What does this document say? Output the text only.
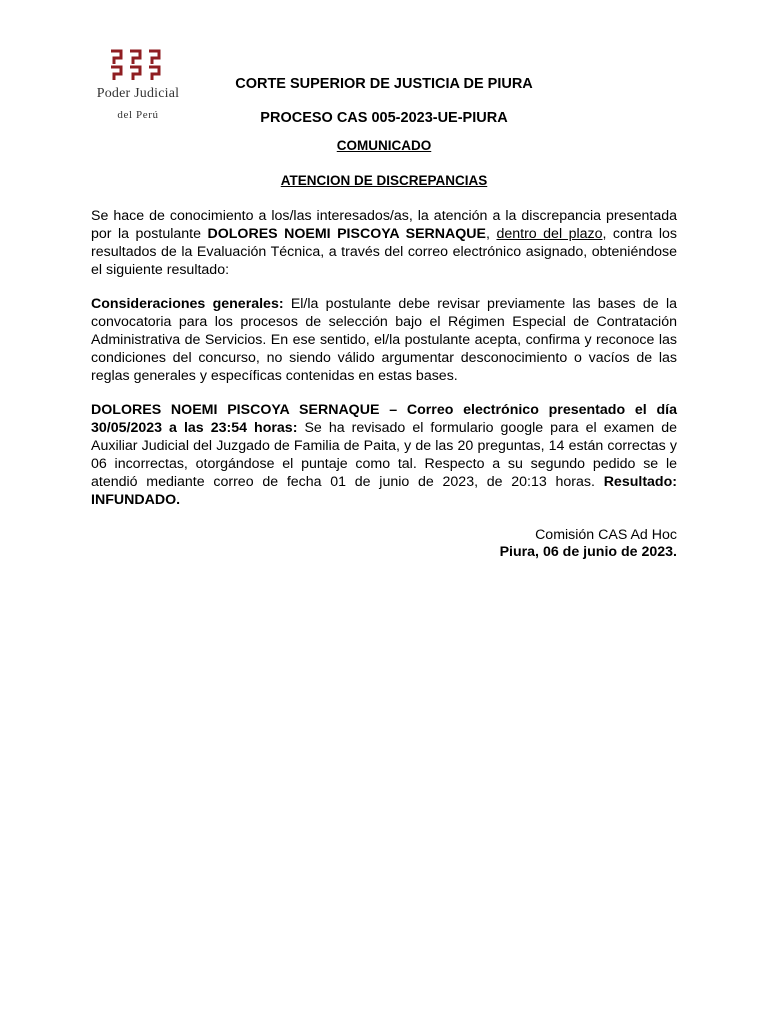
Poder Judicial
del Perú
CORTE SUPERIOR DE JUSTICIA DE PIURA
PROCESO CAS 005-2023-UE-PIURA
COMUNICADO
ATENCION DE DISCREPANCIAS
Se hace de conocimiento a los/las interesados/as, la atención a la discrepancia presentada por la postulante DOLORES NOEMI PISCOYA SERNAQUE, dentro del plazo, contra los resultados de la Evaluación Técnica, a través del correo electrónico asignado, obteniéndose el siguiente resultado:
Consideraciones generales: El/la postulante debe revisar previamente las bases de la convocatoria para los procesos de selección bajo el Régimen Especial de Contratación Administrativa de Servicios. En ese sentido, el/la postulante acepta, confirma y reconoce las condiciones del concurso, no siendo válido argumentar desconocimiento o vacíos de las reglas generales y específicas contenidas en estas bases.
DOLORES NOEMI PISCOYA SERNAQUE – Correo electrónico presentado el día 30/05/2023 a las 23:54 horas: Se ha revisado el formulario google para el examen de Auxiliar Judicial del Juzgado de Familia de Paita, y de las 20 preguntas, 14 están correctas y 06 incorrectas, otorgándose el puntaje como tal. Respecto a su segundo pedido se le atendió mediante correo de fecha 01 de junio de 2023, de 20:13 horas. Resultado: INFUNDADO.
Comisión CAS Ad Hoc
Piura, 06 de junio de 2023.
